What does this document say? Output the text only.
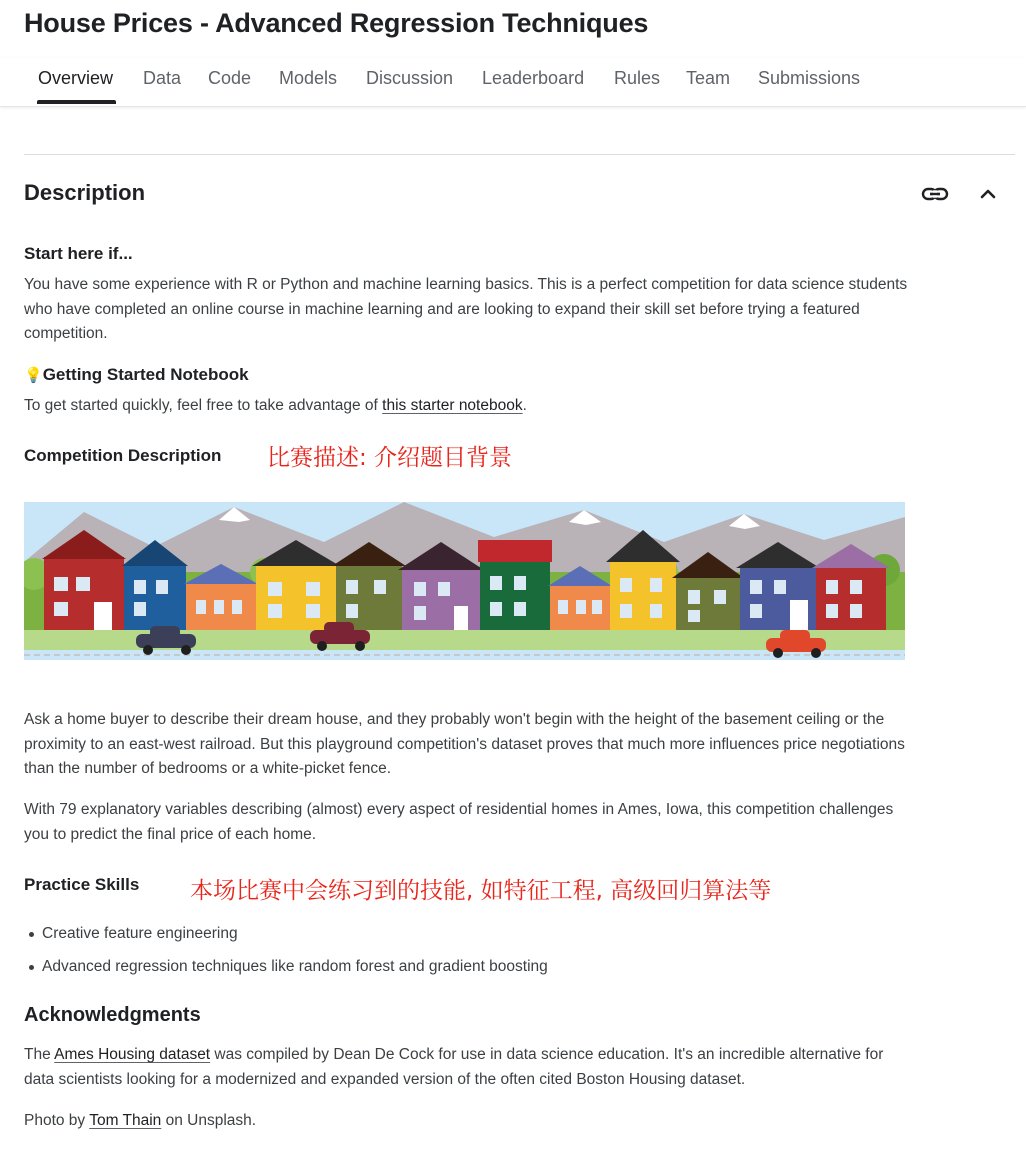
House Prices - Advanced Regression Techniques
Overview Data Code Models Discussion Leaderboard Rules Team Submissions
Description
Start here if...

You have some experience with R or Python and machine learning basics. This is a perfect competition for data science students who have completed an online course in machine learning and are looking to expand their skill set before trying a featured competition.

💡Getting Started Notebook

To get started quickly, feel free to take advantage of this starter notebook.

Competition Description 比赛描述: 介绍题目背景

Ask a home buyer to describe their dream house, and they probably won't begin with the height of the basement ceiling or the proximity to an east-west railroad. But this playground competition's dataset proves that much more influences price negotiations than the number of bedrooms or a white-picket fence.

With 79 explanatory variables describing (almost) every aspect of residential homes in Ames, Iowa, this competition challenges you to predict the final price of each home.

Practice Skills 本场比赛中会练习到的技能, 如特征工程, 高级回归算法等
Creative feature engineering
Advanced regression techniques like random forest and gradient boosting
Acknowledgments

The Ames Housing dataset was compiled by Dean De Cock for use in data science education. It's an incredible alternative for data scientists looking for a modernized and expanded version of the often cited Boston Housing dataset.

Photo by Tom Thain on Unsplash.
